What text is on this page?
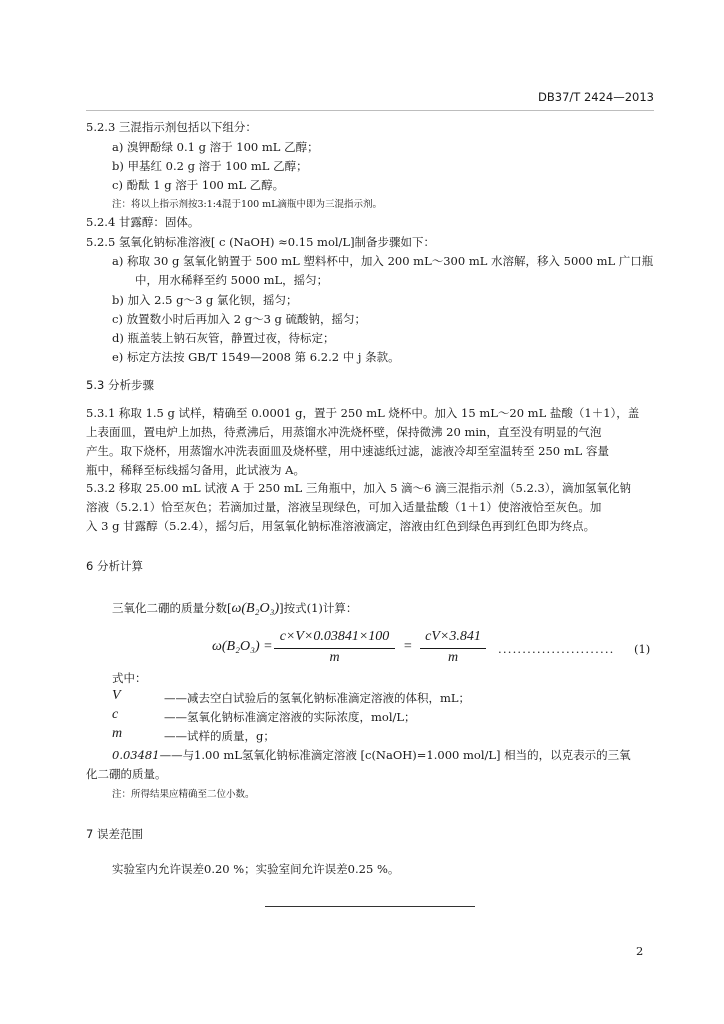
DB37/T 2424—2013
5.2.3 三混指示剂包括以下组分：
a) 溴钾酚绿 0.1 g 溶于 100 mL 乙醇；
b) 甲基红 0.2 g 溶于 100 mL 乙醇；
c) 酚酞 1 g 溶于 100 mL 乙醇。
注：将以上指示剂按3:1:4混于100 mL滴瓶中即为三混指示剂。
5.2.4 甘露醇：固体。
5.2.5 氢氧化钠标准溶液[ c (NaOH) ≈0.15 mol/L]制备步骤如下：
a) 称取 30 g 氢氧化钠置于 500 mL 塑料杯中，加入 200 mL～300 mL 水溶解，移入 5000 mL 广口瓶
中，用水稀释至约 5000 mL，摇匀；
b) 加入 2.5 g～3 g 氯化钡，摇匀；
c) 放置数小时后再加入 2 g～3 g 硫酸钠，摇匀；
d) 瓶盖装上钠石灰管，静置过夜，待标定；
e) 标定方法按 GB/T 1549—2008 第 6.2.2 中 j 条款。
5.3 分析步骤
5.3.1 称取 1.5 g 试样，精确至 0.0001 g，置于 250 mL 烧杯中。加入 15 mL～20 mL 盐酸（1＋1），盖
上表面皿，置电炉上加热，待煮沸后，用蒸馏水冲洗烧杯壁，保持微沸 20 min，直至没有明显的气泡
产生。取下烧杯，用蒸馏水冲洗表面皿及烧杯壁，用中速滤纸过滤，滤液冷却至室温转至 250 mL 容量
瓶中，稀释至标线摇匀备用，此试液为 A。
5.3.2 移取 25.00 mL 试液 A 于 250 mL 三角瓶中，加入 5 滴～6 滴三混指示剂（5.2.3），滴加氢氧化钠
溶液（5.2.1）恰至灰色；若滴加过量，溶液呈现绿色，可加入适量盐酸（1＋1）使溶液恰至灰色。加
入 3 g 甘露醇（5.2.4），摇匀后，用氢氧化钠标准溶液滴定，溶液由红色到绿色再到红色即为终点。
6 分析计算
三氧化二硼的质量分数[ω(B₂O₃)]按式(1)计算：
ω(B₂O₃) =
c×V×0.03841×100
m
=
cV×3.841
m
........................ (1)
式中：
V	——减去空白试验后的氢氧化钠标准滴定溶液的体积，mL；
c	——氢氧化钠标准滴定溶液的实际浓度，mol/L；
m	——试样的质量，g；
0.03481——与1.00 mL氢氧化钠标准滴定溶液 [c(NaOH)=1.000 mol/L] 相当的，以克表示的三氧
化二硼的质量。
注：所得结果应精确至二位小数。
7 误差范围
实验室内允许误差0.20 %；实验室间允许误差0.25 %。
2
